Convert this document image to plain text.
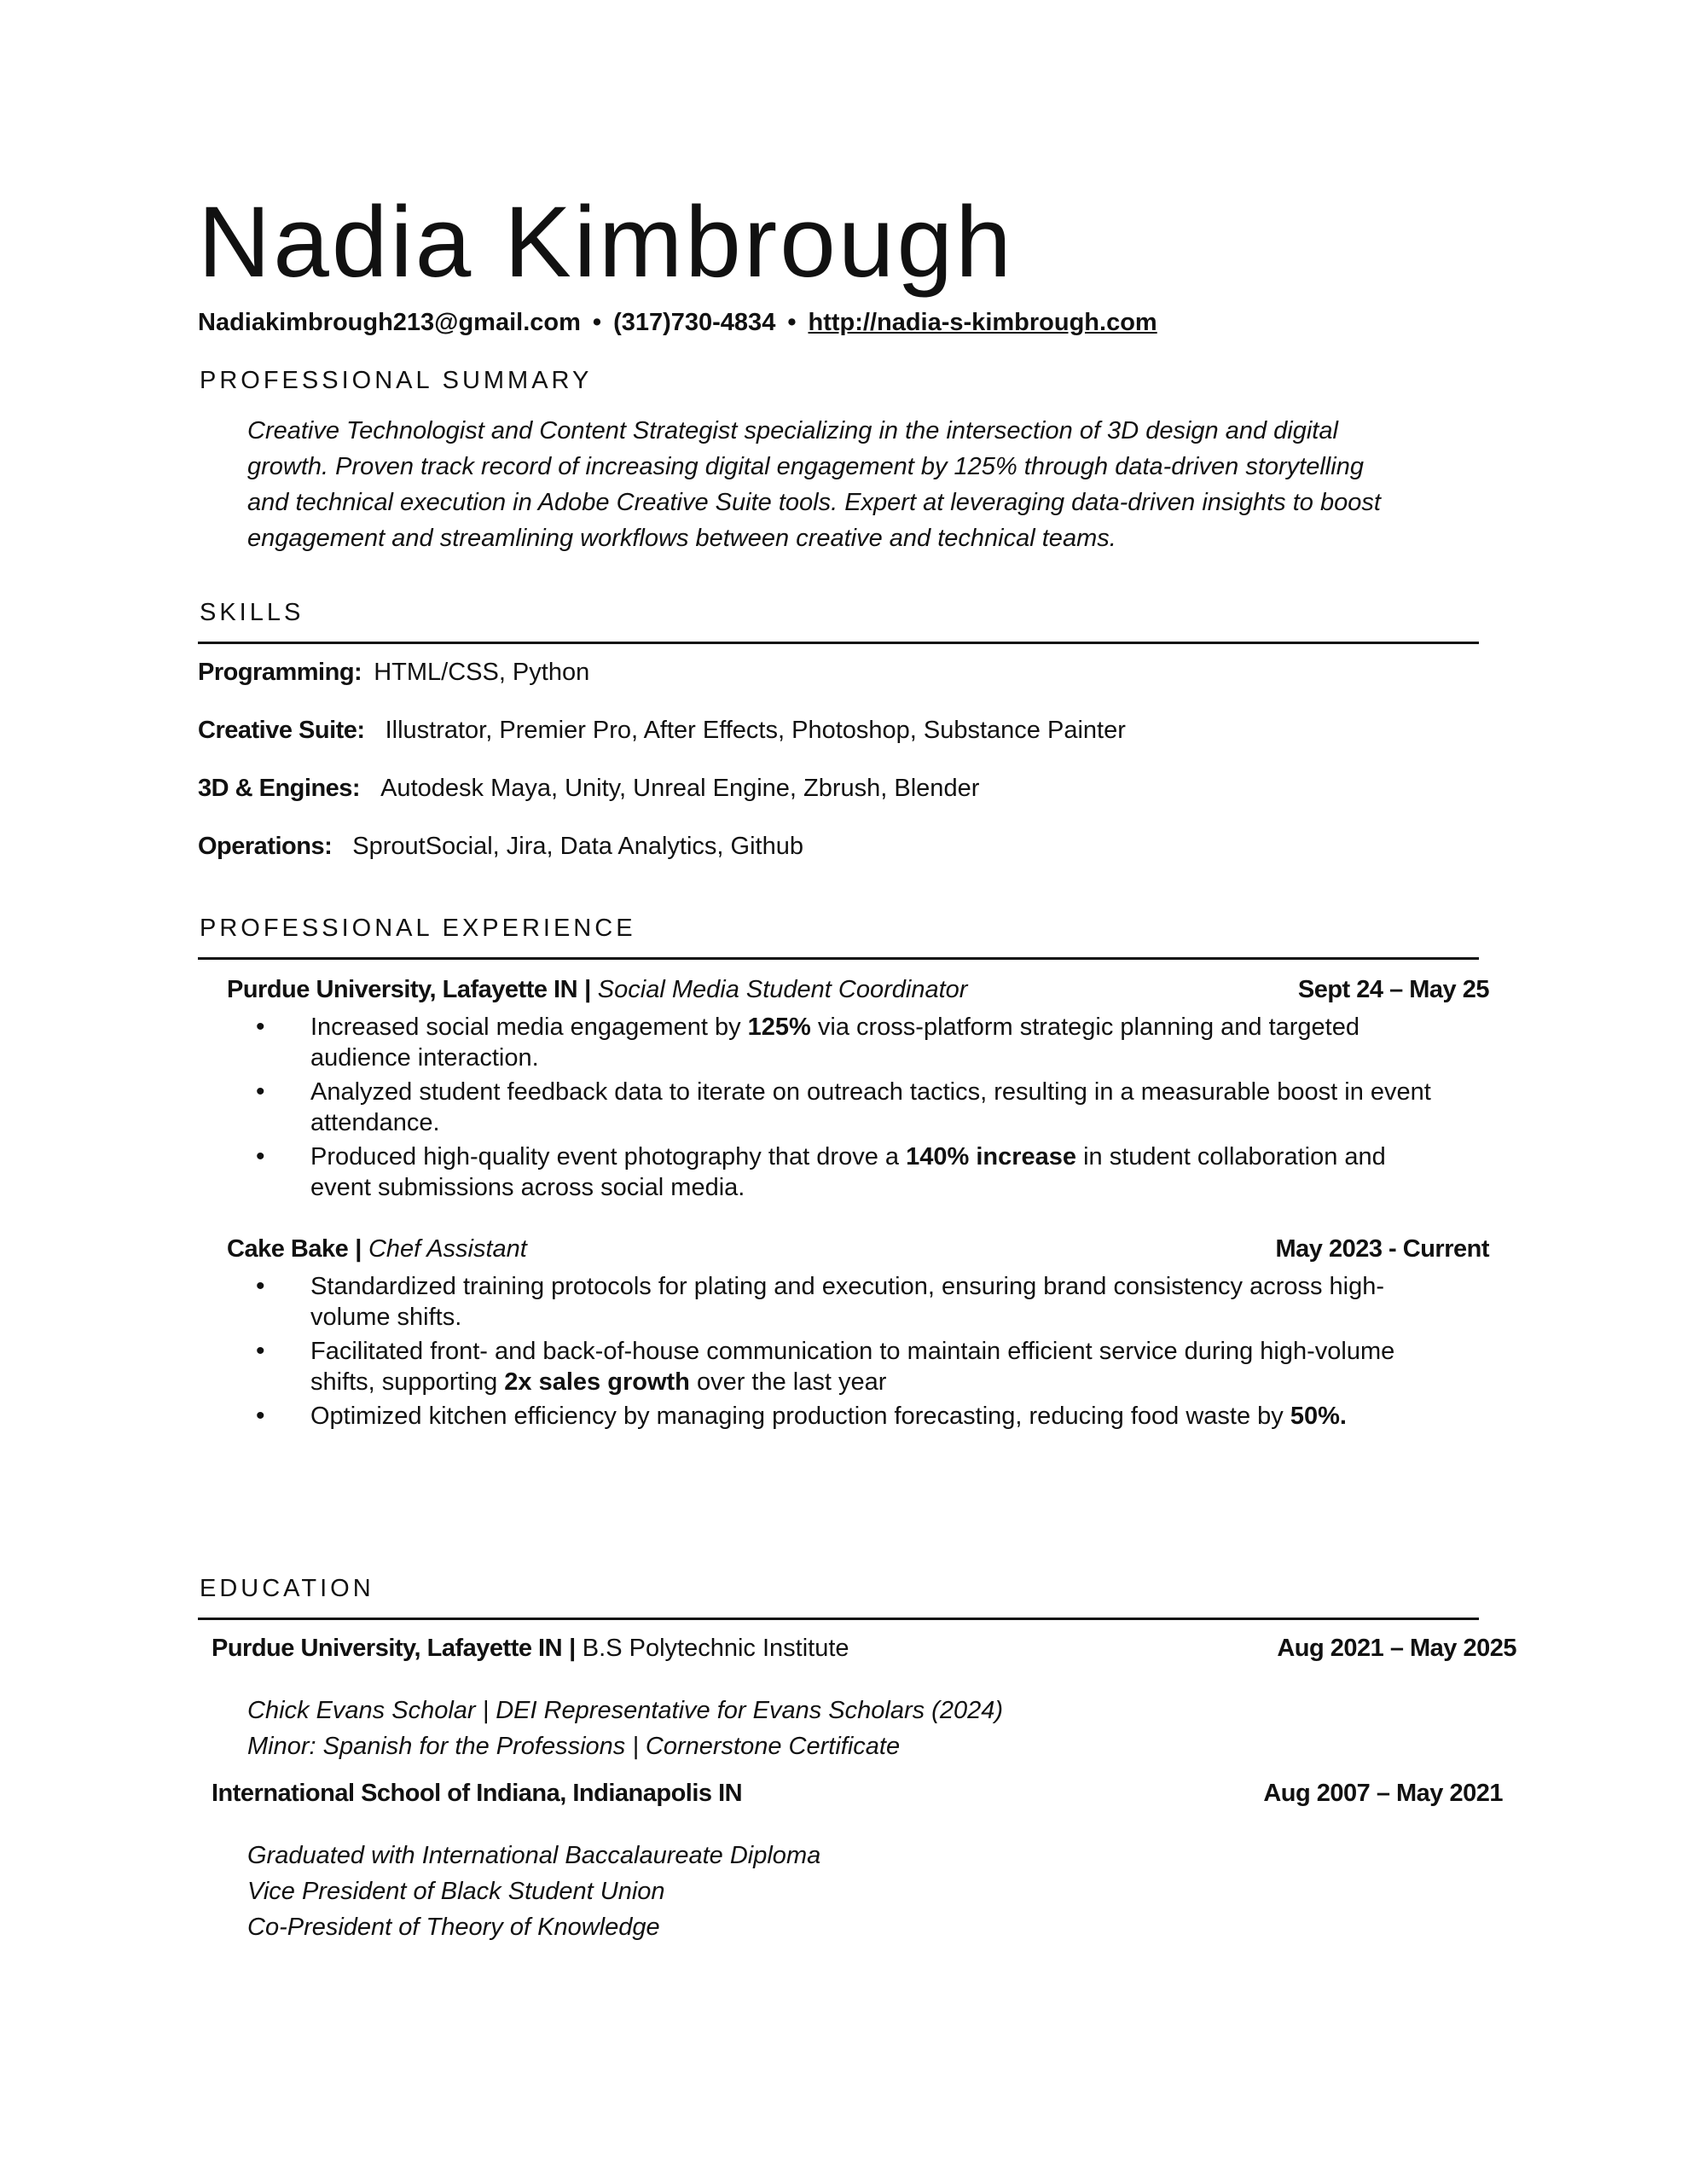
Nadia Kimbrough
Nadiakimbrough213@gmail.com • (317)730-4834 • http://nadia-s-kimbrough.com
PROFESSIONAL SUMMARY

Creative Technologist and Content Strategist specializing in the intersection of 3D design and digital

growth. Proven track record of increasing digital engagement by 125% through data-driven storytelling

and technical execution in Adobe Creative Suite tools. Expert at leveraging data-driven insights to boost

engagement and streamlining workflows between creative and technical teams.

SKILLS
Programming: HTML/CSS, Python
Creative Suite: Illustrator, Premier Pro, After Effects, Photoshop, Substance Painter
3D & Engines: Autodesk Maya, Unity, Unreal Engine, Zbrush, Blender
Operations: SproutSocial, Jira, Data Analytics, Github
PROFESSIONAL EXPERIENCE
Purdue University, Lafayette IN | Social Media Student Coordinator	Sept 24 – May 25
• Increased social media engagement by 125% via cross-platform strategic planning and targeted
audience interaction.
• Analyzed student feedback data to iterate on outreach tactics, resulting in a measurable boost in event
attendance.
• Produced high-quality event photography that drove a 140% increase in student collaboration and
event submissions across social media.
Cake Bake | Chef Assistant	May 2023 - Current
• Standardized training protocols for plating and execution, ensuring brand consistency across high-
volume shifts.
• Facilitated front- and back-of-house communication to maintain efficient service during high-volume
shifts, supporting 2x sales growth over the last year
• Optimized kitchen efficiency by managing production forecasting, reducing food waste by 50%.
EDUCATION
Purdue University, Lafayette IN | B.S Polytechnic Institute	Aug 2021 – May 2025

Chick Evans Scholar | DEI Representative for Evans Scholars (2024)

Minor: Spanish for the Professions | Cornerstone Certificate

International School of Indiana, Indianapolis IN	Aug 2007 – May 2021

Graduated with International Baccalaureate Diploma

Vice President of Black Student Union

Co-President of Theory of Knowledge
